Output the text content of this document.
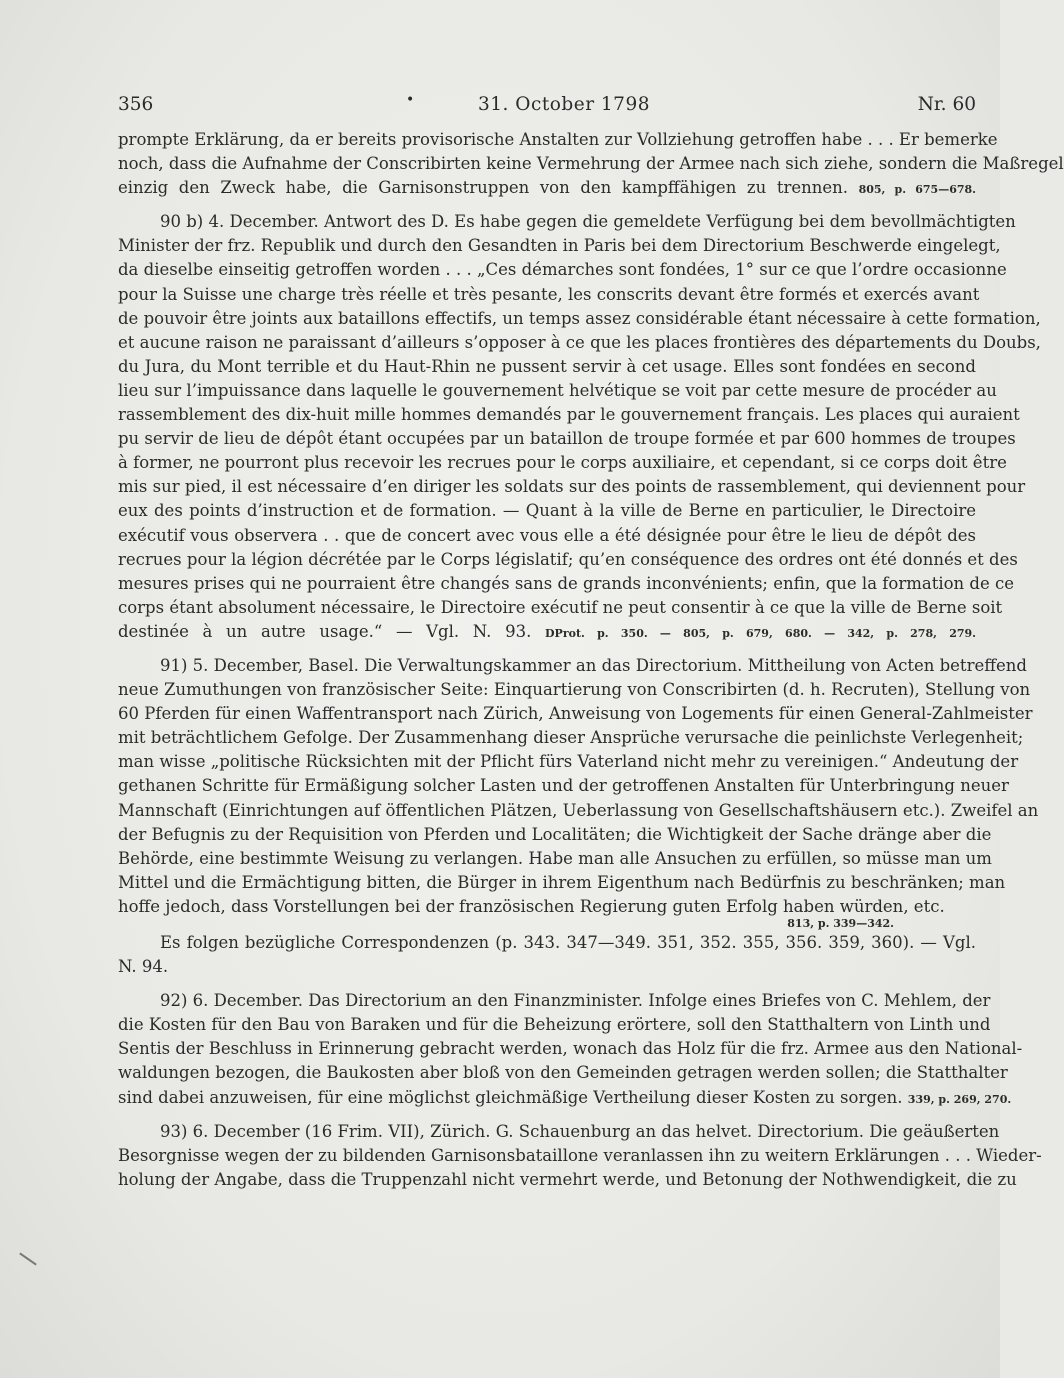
356	•	31. October 1798	Nr. 60
prompte Erklärung, da er bereits provisorische Anstalten zur Vollziehung getroffen habe . . . Er bemerke
noch, dass die Aufnahme der Conscribirten keine Vermehrung der Armee nach sich ziehe, sondern die Maßregel
einzig den Zweck habe, die Garnisonstruppen von den kampffähigen zu trennen. 805, p. 675—678.
90 b) 4. December. Antwort des D. Es habe gegen die gemeldete Verfügung bei dem bevollmächtigten
Minister der frz. Republik und durch den Gesandten in Paris bei dem Directorium Beschwerde eingelegt,
da dieselbe einseitig getroffen worden . . . „Ces démarches sont fondées, 1° sur ce que l’ordre occasionne
pour la Suisse une charge très réelle et très pesante, les conscrits devant être formés et exercés avant
de pouvoir être joints aux bataillons effectifs, un temps assez considérable étant nécessaire à cette formation,
et aucune raison ne paraissant d’ailleurs s’opposer à ce que les places frontières des départements du Doubs,
du Jura, du Mont terrible et du Haut-Rhin ne pussent servir à cet usage. Elles sont fondées en second
lieu sur l’impuissance dans laquelle le gouvernement helvétique se voit par cette mesure de procéder au
rassemblement des dix-huit mille hommes demandés par le gouvernement français. Les places qui auraient
pu servir de lieu de dépôt étant occupées par un bataillon de troupe formée et par 600 hommes de troupes
à former, ne pourront plus recevoir les recrues pour le corps auxiliaire, et cependant, si ce corps doit être
mis sur pied, il est nécessaire d’en diriger les soldats sur des points de rassemblement, qui deviennent pour
eux des points d’instruction et de formation. — Quant à la ville de Berne en particulier, le Directoire
exécutif vous observera . . que de concert avec vous elle a été désignée pour être le lieu de dépôt des
recrues pour la légion décrétée par le Corps législatif; qu’en conséquence des ordres ont été donnés et des
mesures prises qui ne pourraient être changés sans de grands inconvénients; enfin, que la formation de ce
corps étant absolument nécessaire, le Directoire exécutif ne peut consentir à ce que la ville de Berne soit
destinée à un autre usage.“ — Vgl. N. 93. DProt. p. 350. — 805, p. 679, 680. — 342, p. 278, 279.
91) 5. December, Basel. Die Verwaltungskammer an das Directorium. Mittheilung von Acten betreffend
neue Zumuthungen von französischer Seite: Einquartierung von Conscribirten (d. h. Recruten), Stellung von
60 Pferden für einen Waffentransport nach Zürich, Anweisung von Logements für einen General-Zahlmeister
mit beträchtlichem Gefolge. Der Zusammenhang dieser Ansprüche verursache die peinlichste Verlegenheit;
man wisse „politische Rücksichten mit der Pflicht fürs Vaterland nicht mehr zu vereinigen.“ Andeutung der
gethanen Schritte für Ermäßigung solcher Lasten und der getroffenen Anstalten für Unterbringung neuer
Mannschaft (Einrichtungen auf öffentlichen Plätzen, Ueberlassung von Gesellschaftshäusern etc.). Zweifel an
der Befugnis zu der Requisition von Pferden und Localitäten; die Wichtigkeit der Sache dränge aber die
Behörde, eine bestimmte Weisung zu verlangen. Habe man alle Ansuchen zu erfüllen, so müsse man um
Mittel und die Ermächtigung bitten, die Bürger in ihrem Eigenthum nach Bedürfnis zu beschränken; man
hoffe jedoch, dass Vorstellungen bei der französischen Regierung guten Erfolg haben würden, etc.
813, p. 339—342.
Es folgen bezügliche Correspondenzen (p. 343. 347—349. 351, 352. 355, 356. 359, 360). — Vgl.
N. 94.
92) 6. December. Das Directorium an den Finanzminister. Infolge eines Briefes von C. Mehlem, der
die Kosten für den Bau von Baraken und für die Beheizung erörtere, soll den Statthaltern von Linth und
Sentis der Beschluss in Erinnerung gebracht werden, wonach das Holz für die frz. Armee aus den National-
waldungen bezogen, die Baukosten aber bloß von den Gemeinden getragen werden sollen; die Statthalter
sind dabei anzuweisen, für eine möglichst gleichmäßige Vertheilung dieser Kosten zu sorgen. 339, p. 269, 270.
93) 6. December (16 Frim. VII), Zürich. G. Schauenburg an das helvet. Directorium. Die geäußerten
Besorgnisse wegen der zu bildenden Garnisonsbataillone veranlassen ihn zu weitern Erklärungen . . . Wieder-
holung der Angabe, dass die Truppenzahl nicht vermehrt werde, und Betonung der Nothwendigkeit, die zu
